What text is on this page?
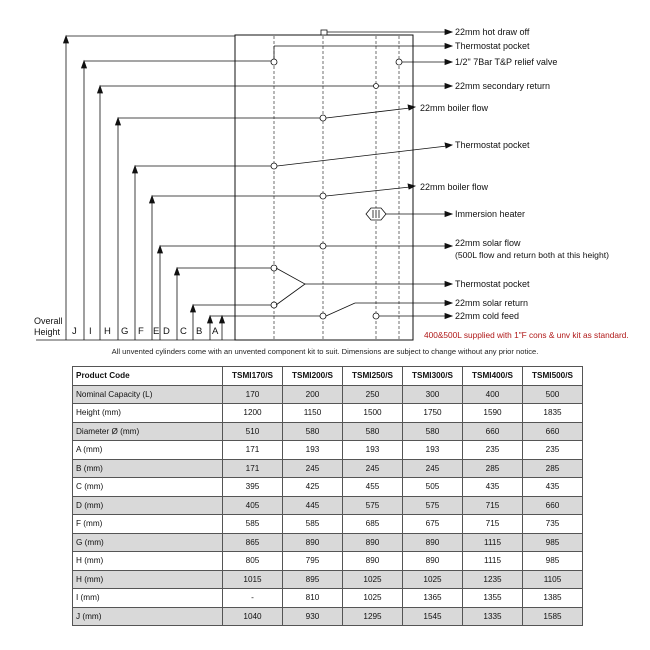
22mm hot draw off
Thermostat pocket
1/2" 7Bar T&P relief valve
22mm secondary return
22mm boiler flow
Thermostat pocket
22mm boiler flow
Immersion heater
22mm solar flow
(500L flow and return both at this height)
Thermostat pocket
22mm solar return
22mm cold feed
Overall
Height J I H G F E D C B A	400&500L supplied with 1"F cons & unv kit as standard.
All unvented cylinders come with an unvented component kit to suit. Dimensions are subject to change without any prior notice.
Product Code	TSMI170/S	TSMI200/S	TSMI250/S	TSMI300/S	TSMI400/S	TSMI500/S
Nominal Capacity (L)	170	200	250	300	400	500
Height (mm)	1200	1150	1500	1750	1590	1835
Diameter Ø (mm)	510	580	580	580	660	660
A (mm)	171	193	193	193	235	235
B (mm)	171	245	245	245	285	285
C (mm)	395	425	455	505	435	435
D (mm)	405	445	575	575	715	660
F (mm)	585	585	685	675	715	735
G (mm)	865	890	890	890	1115	985
H (mm)	805	795	890	890	1115	985
H (mm)	1015	895	1025	1025	1235	1105
I (mm)	-	810	1025	1365	1355	1385
J (mm)	1040	930	1295	1545	1335	1585
